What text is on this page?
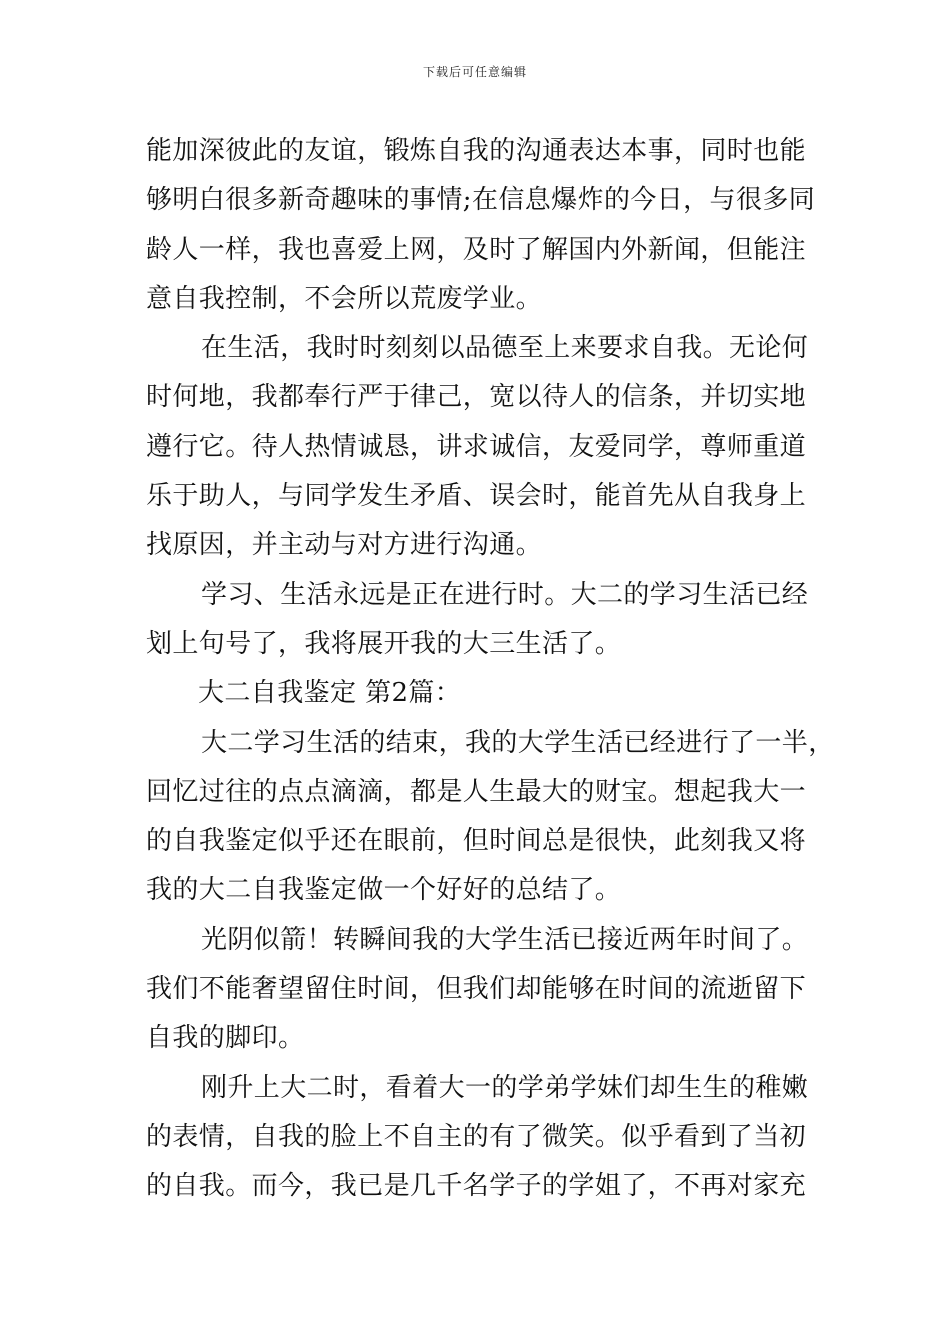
下载后可任意编辑
能加深彼此的友谊，锻炼自我的沟通表达本事，同时也能
够明白很多新奇趣味的事情;在信息爆炸的今日，与很多同
龄人一样，我也喜爱上网，及时了解国内外新闻，但能注
意自我控制，不会所以荒废学业。
在生活，我时时刻刻以品德至上来要求自我。无论何
时何地，我都奉行严于律己，宽以待人的信条，并切实地
遵行它。待人热情诚恳，讲求诚信，友爱同学，尊师重道
乐于助人，与同学发生矛盾、误会时，能首先从自我身上
找原因，并主动与对方进行沟通。
学习、生活永远是正在进行时。大二的学习生活已经
划上句号了，我将展开我的大三生活了。
大二自我鉴定 第2篇：
大二学习生活的结束，我的大学生活已经进行了一半，
回忆过往的点点滴滴，都是人生最大的财宝。想起我大一
的自我鉴定似乎还在眼前，但时间总是很快，此刻我又将
我的大二自我鉴定做一个好好的总结了。
光阴似箭！转瞬间我的大学生活已接近两年时间了。
我们不能奢望留住时间，但我们却能够在时间的流逝留下
自我的脚印。
刚升上大二时，看着大一的学弟学妹们却生生的稚嫩
的表情，自我的脸上不自主的有了微笑。似乎看到了当初
的自我。而今，我已是几千名学子的学姐了，不再对家充
